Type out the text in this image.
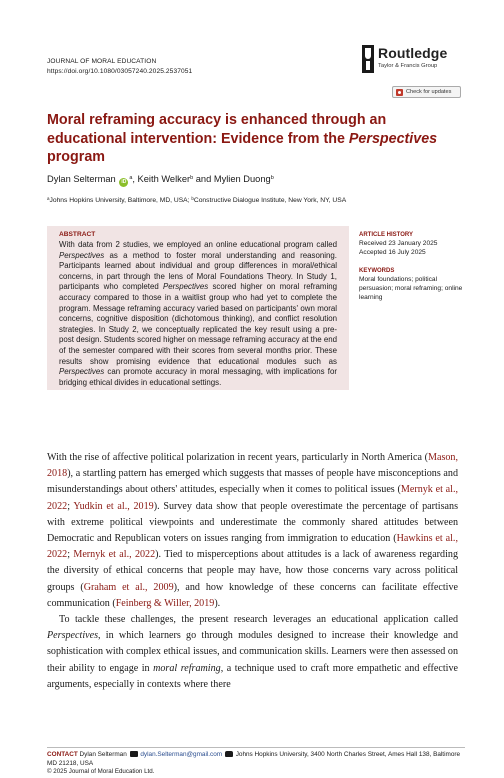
JOURNAL OF MORAL EDUCATION
https://doi.org/10.1080/03057240.2025.2537051
Routledge
Taylor & Francis Group
Check for updates
Moral reframing accuracy is enhanced through an educational intervention: Evidence from the Perspectives program
Dylan Selterman $iD^a$, Keith Welker$^b$ and Mylien Duong$^b$
$^a$Johns Hopkins University, Baltimore, MD, USA; $^b$Constructive Dialogue Institute, New York, NY, USA
ABSTRACT

With data from 2 studies, we employed an online educational program called Perspectives as a method to foster moral understanding and reasoning. Participants learned about individual and group differences in moral/ethical concerns, in part through the lens of Moral Foundations Theory. In Study 1, participants who completed Perspectives scored higher on moral reframing accuracy compared to those in a waitlist group who had yet to complete the program. Message reframing accuracy varied based on participants' own moral concerns, cognitive disposition (dichotomous thinking), and conflict resolution strategies. In Study 2, we conceptually replicated the key result using a pre-post design. Students scored higher on message reframing accuracy at the end of the semester compared with their scores from several months prior. These results show promising evidence that educational modules such as Perspectives can promote accuracy in moral messaging, with implications for bridging ethical divides in educational settings.

ARTICLE HISTORY

Received 23 January 2025

Accepted 16 July 2025

KEYWORDS

Moral foundations; political persuasion; moral reframing; online learning

With the rise of affective political polarization in recent years, particularly in North America (Mason, 2018), a startling pattern has emerged which suggests that masses of people have misconceptions and misunderstandings about others' attitudes, especially when it comes to political issues (Mernyk et al., 2022; Yudkin et al., 2019). Survey data show that people overestimate the percentage of partisans with extreme political viewpoints and underestimate the commonly shared attitudes between Democratic and Republican voters on issues ranging from immigration to education (Hawkins et al., 2022; Mernyk et al., 2022). Tied to misperceptions about attitudes is a lack of awareness regarding the diversity of ethical concerns that people may have, how those concerns vary across political groups (Graham et al., 2009), and how knowledge of these concerns can facilitate effective communication (Feinberg & Willer, 2019).

To tackle these challenges, the present research leverages an educational application called Perspectives, in which learners go through modules designed to increase their knowledge and sophistication with complex ethical issues, and communication skills. Learners were then assessed on their ability to engage in moral reframing, a technique used to craft more empathetic and effective arguments, especially in contexts where there

CONTACT Dylan Selterman  dylan.Selterman@gmail.com  Johns Hopkins University, 3400 North Charles Street, Ames Hall 138, Baltimore MD 21218, USA
© 2025 Journal of Moral Education Ltd.
